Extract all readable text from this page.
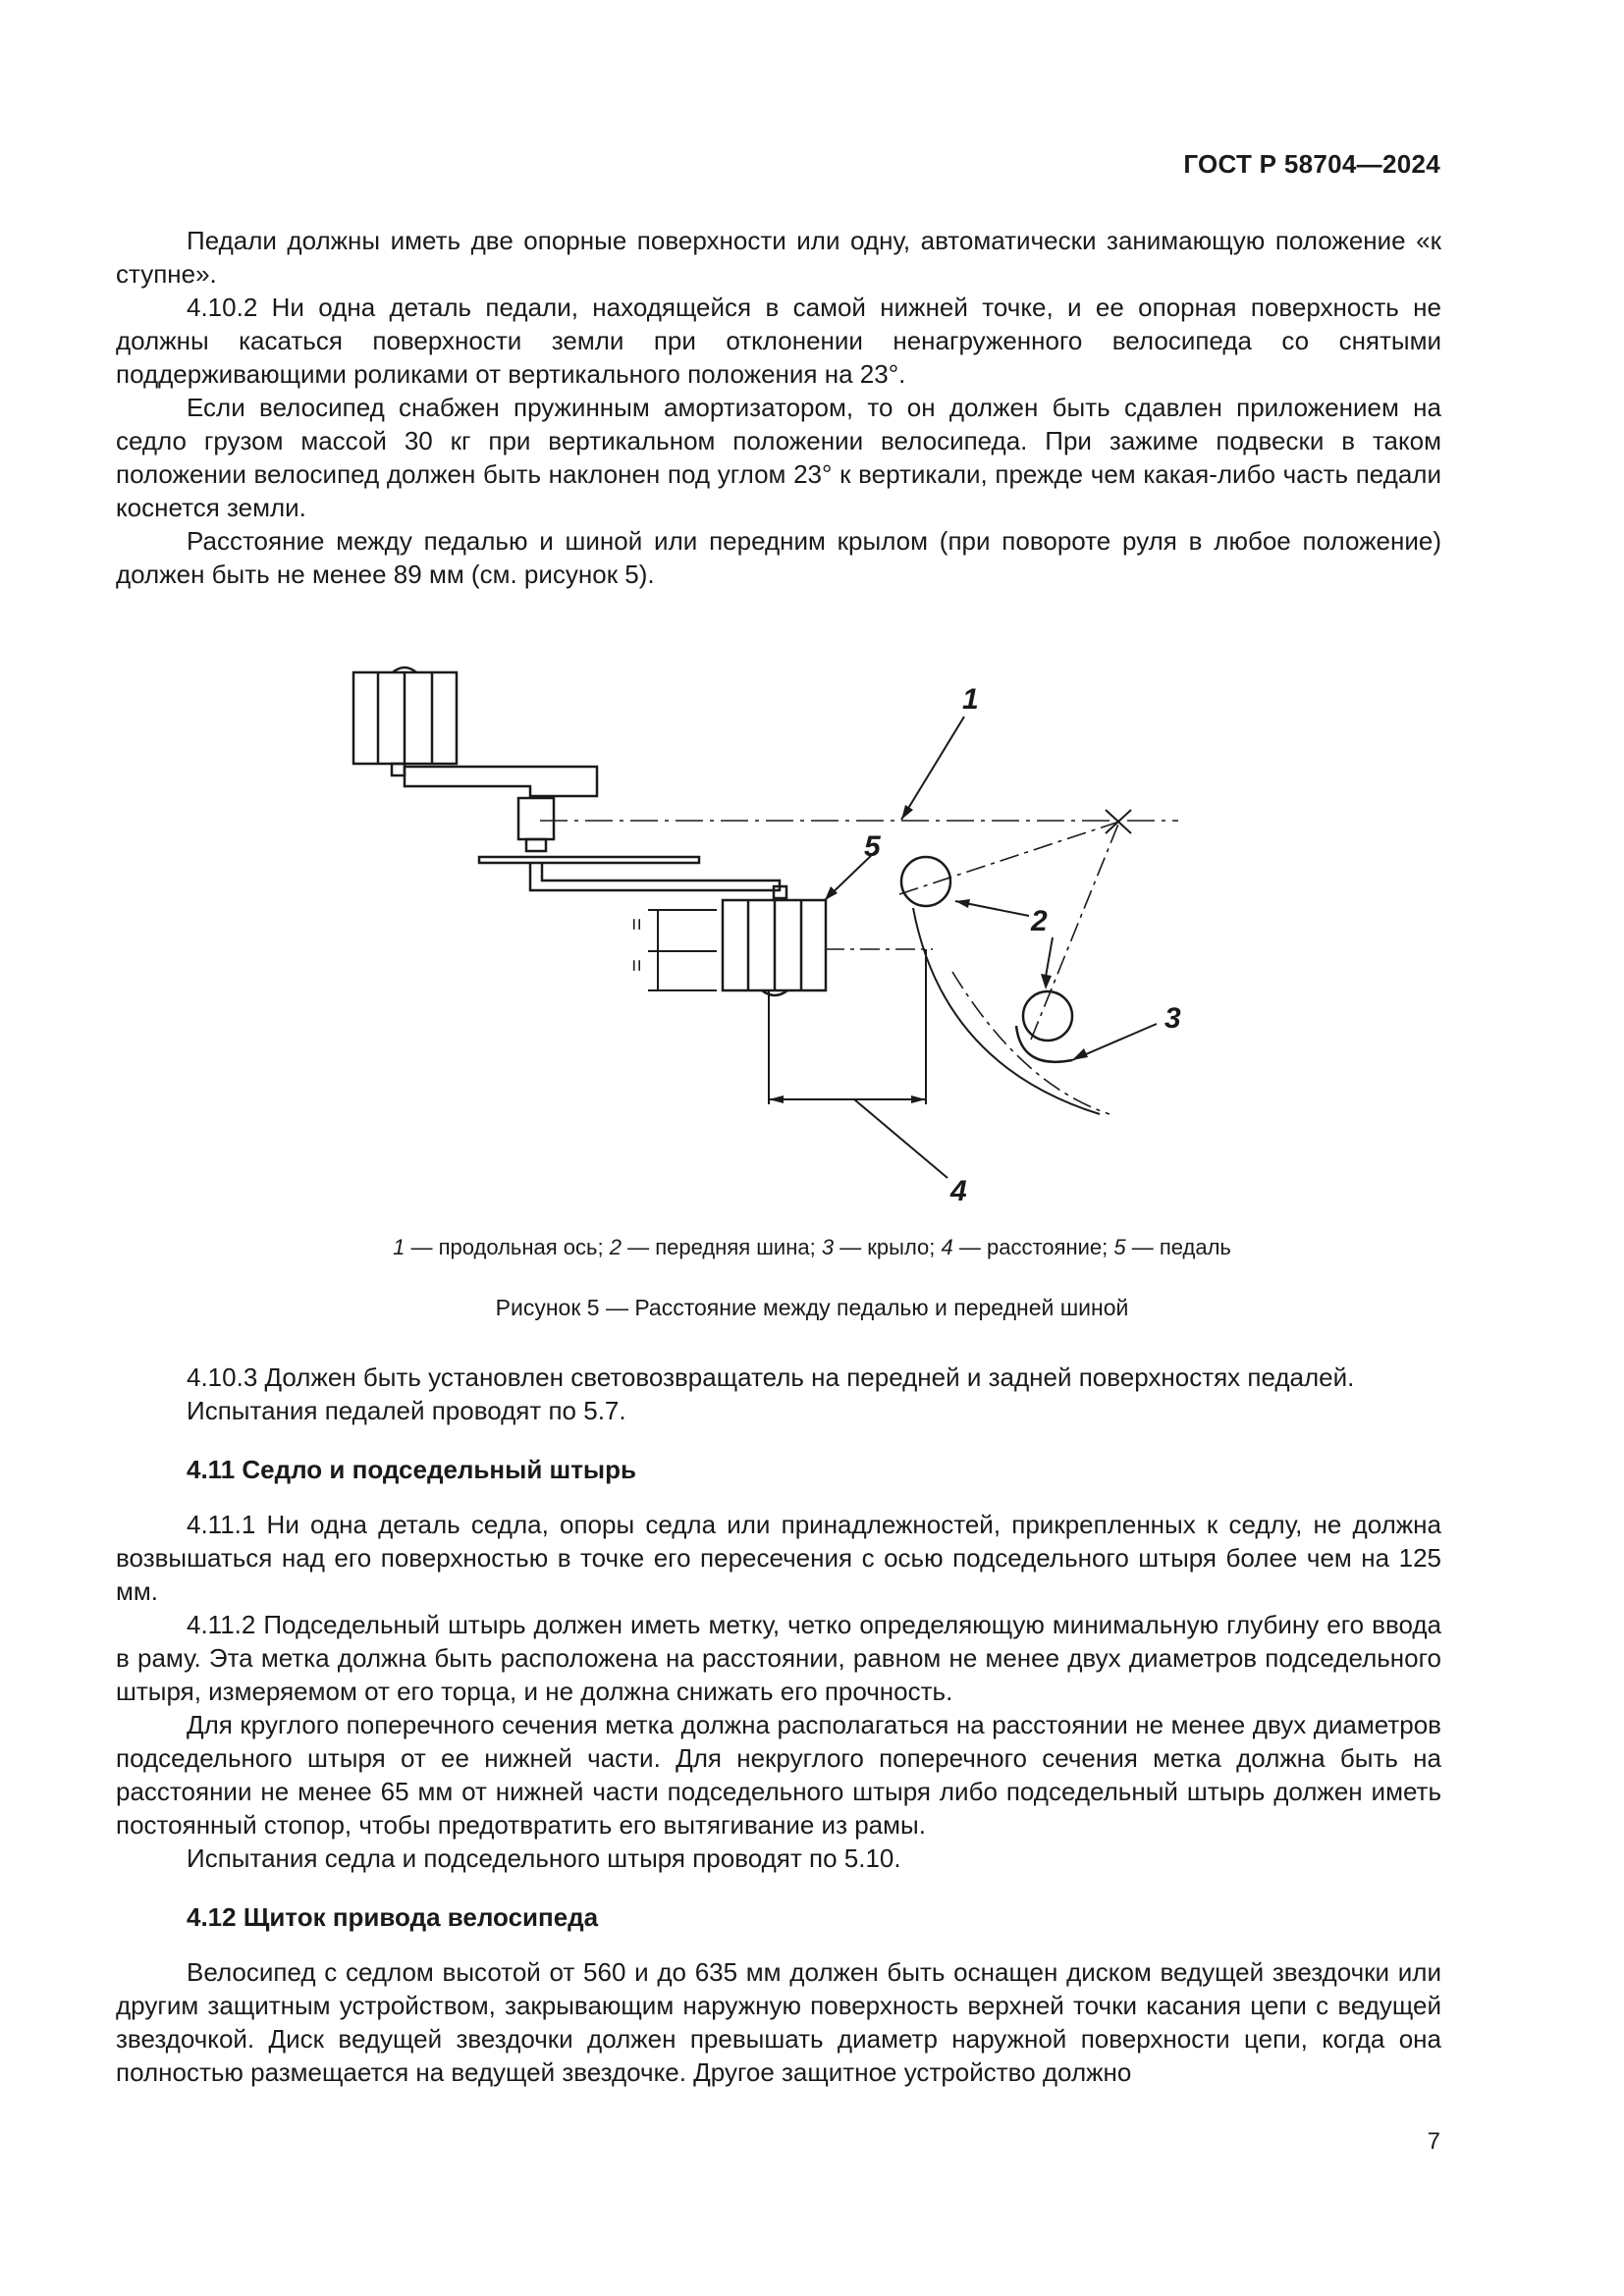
ГОСТ Р 58704—2024

Педали должны иметь две опорные поверхности или одну, автоматически занимающую положение «к ступне».

4.10.2 Ни одна деталь педали, находящейся в самой нижней точке, и ее опорная поверхность не должны касаться поверхности земли при отклонении ненагруженного велосипеда со снятыми поддерживающими роликами от вертикального положения на 23°.

Если велосипед снабжен пружинным амортизатором, то он должен быть сдавлен приложением на седло грузом массой 30 кг при вертикальном положении велосипеда. При зажиме подвески в таком положении велосипед должен быть наклонен под углом 23° к вертикали, прежде чем какая-либо часть педали коснется земли.

Расстояние между педалью и шиной или передним крылом (при повороте руля в любое положение) должен быть не менее 89 мм (см. рисунок 5).

=
=
1
2
3
4
5
1 — продольная ось; 2 — передняя шина; 3 — крыло; 4 — расстояние; 5 — педаль
Рисунок 5 — Расстояние между педалью и передней шиной

4.10.3 Должен быть установлен световозвращатель на передней и задней поверхностях педалей.

Испытания педалей проводят по 5.7.

4.11 Седло и подседельный штырь

4.11.1 Ни одна деталь седла, опоры седла или принадлежностей, прикрепленных к седлу, не должна возвышаться над его поверхностью в точке его пересечения с осью подседельного штыря более чем на 125 мм.

4.11.2 Подседельный штырь должен иметь метку, четко определяющую минимальную глубину его ввода в раму. Эта метка должна быть расположена на расстоянии, равном не менее двух диаметров подседельного штыря, измеряемом от его торца, и не должна снижать его прочность.

Для круглого поперечного сечения метка должна располагаться на расстоянии не менее двух диаметров подседельного штыря от ее нижней части. Для некруглого поперечного сечения метка должна быть на расстоянии не менее 65 мм от нижней части подседельного штыря либо подседельный штырь должен иметь постоянный стопор, чтобы предотвратить его вытягивание из рамы.

Испытания седла и подседельного штыря проводят по 5.10.

4.12 Щиток привода велосипеда

Велосипед с седлом высотой от 560 и до 635 мм должен быть оснащен диском ведущей звездочки или другим защитным устройством, закрывающим наружную поверхность верхней точки касания цепи с ведущей звездочкой. Диск ведущей звездочки должен превышать диаметр наружной поверхности цепи, когда она полностью размещается на ведущей звездочке. Другое защитное устройство должно

7
